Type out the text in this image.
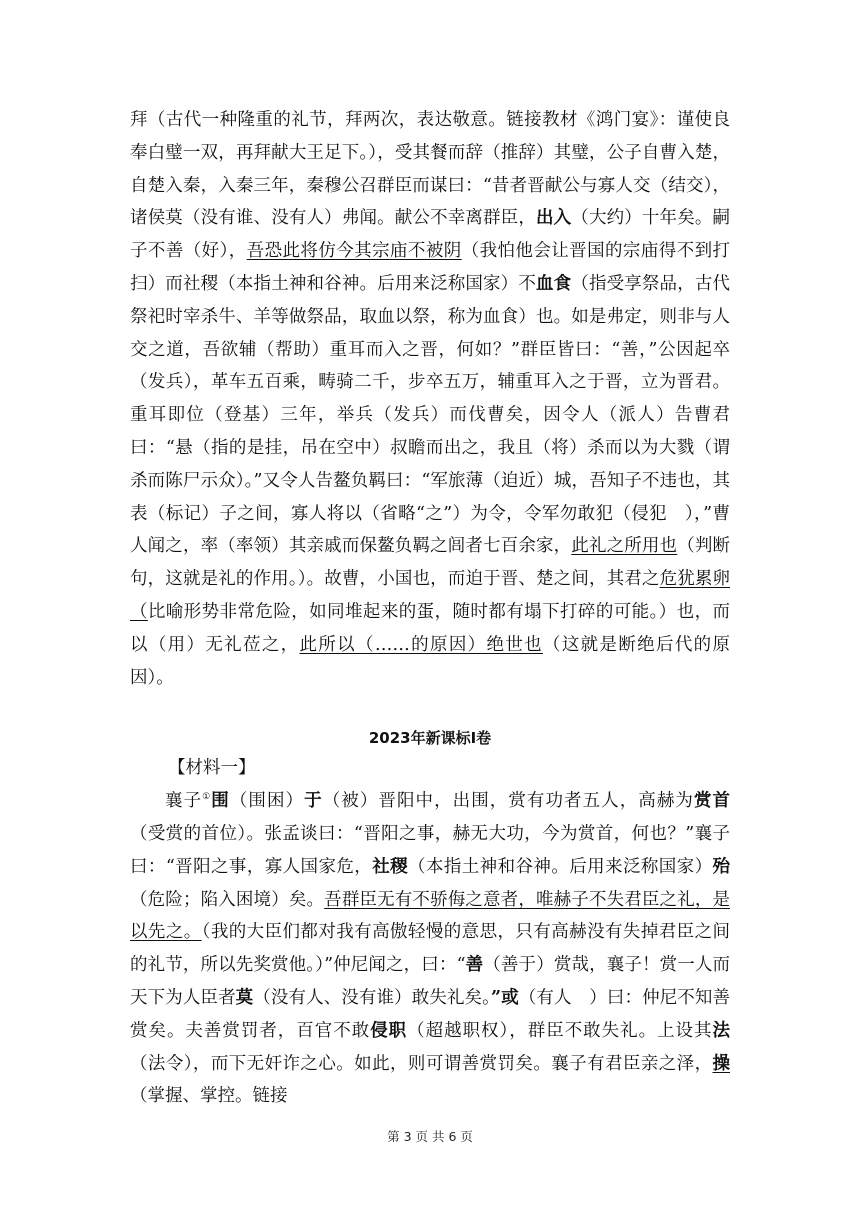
拜（古代一种隆重的礼节，拜两次，表达敬意。链接教材《鸿门宴》：谨使良奉白璧一双，再拜献大王足下。），受其餐而辞（推辞）其璧，公子自曹入楚，自楚入秦，入秦三年，秦穆公召群臣而谋曰：“昔者晋献公与寡人交（结交），诸侯莫（没有谁、没有人）弗闻。献公不幸离群臣，出入（大约）十年矣。嗣子不善（好），吾恐此将仿今其宗庙不被阴（我怕他会让晋国的宗庙得不到打扫）而社稷（本指土神和谷神。后用来泛称国家）不血食（指受享祭品，古代祭祀时宰杀牛、羊等做祭品，取血以祭，称为血食）也。如是弗定，则非与人交之道，吾欲辅（帮助）重耳而入之晋，何如？”群臣皆曰：“善，”公因起卒（发兵），革车五百乘，畴骑二千，步卒五万，辅重耳入之于晋，立为晋君。重耳即位（登基）三年，举兵（发兵）而伐曹矣，因令人（派人）告曹君曰：“悬（指的是挂，吊在空中）叔瞻而出之，我且（将）杀而以为大戮（谓杀而陈尸示众）。”又令人告鳌负羁曰：“军旅薄（迫近）城，吾知子不违也，其表（标记）子之间，寡人将以（省略“之”）为令，令军勿敢犯（侵犯　），”曹人闻之，率（率领）其亲戚而保鳌负羁之闾者七百余家，此礼之所用也（判断句，这就是礼的作用。）。故曹，小国也，而迫于晋、楚之间，其君之危犹累卵（比喻形势非常危险，如同堆起来的蛋，随时都有塌下打碎的可能。）也，而以（用）无礼莅之，此所以（……的原因）绝世也（这就是断绝后代的原因）。

2023年新课标Ⅰ卷

【材料一】

襄子①围（围困）于（被）晋阳中，出围，赏有功者五人，高赫为赏首（受赏的首位）。张孟谈曰：“晋阳之事，赫无大功，今为赏首，何也？”襄子曰：“晋阳之事，寡人国家危，社稷（本指土神和谷神。后用来泛称国家）殆（危险；陷入困境）矣。吾群臣无有不骄侮之意者，唯赫子不失君臣之礼，是以先之。（我的大臣们都对我有高傲轻慢的意思，只有高赫没有失掉君臣之间的礼节，所以先奖赏他。）”仲尼闻之，曰：“善（善于）赏哉，襄子！赏一人而天下为人臣者莫（没有人、没有谁）敢失礼矣。”或（有人　）曰：仲尼不知善赏矣。夫善赏罚者，百官不敢侵职（超越职权），群臣不敢失礼。上设其法（法令），而下无奸诈之心。如此，则可谓善赏罚矣。襄子有君臣亲之泽，操（掌握、掌控。链接

第 3 页 共 6 页
